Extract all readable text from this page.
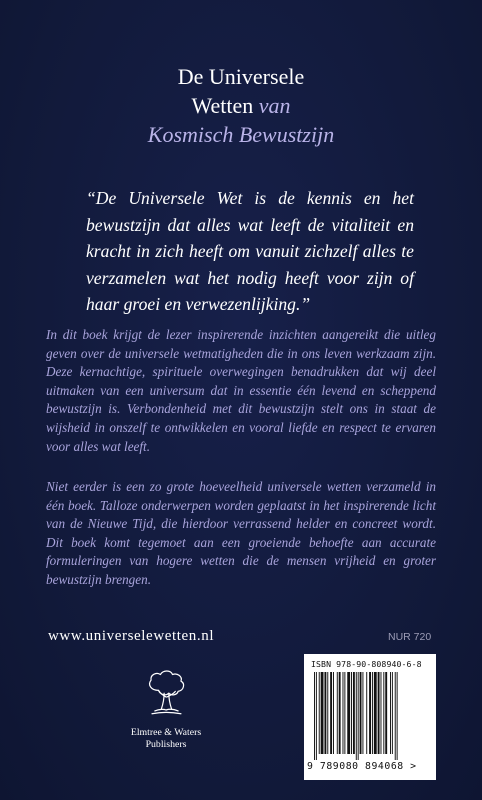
De Universele
Wetten van
Kosmisch Bewustzijn
“De Universele Wet is de kennis en het bewustzijn dat alles wat leeft de vitaliteit en kracht in zich heeft om vanuit zichzelf alles te verzamelen wat het nodig heeft voor zijn of haar groei en verwezenlijking.”

In dit boek krijgt de lezer inspirerende inzichten aangereikt die uitleg geven over de universele wetmatigheden die in ons leven werkzaam zijn. Deze kernachtige, spirituele overwegingen benadrukken dat wij deel uitmaken van een universum dat in essentie één levend en scheppend bewustzijn is. Verbondenheid met dit bewustzijn stelt ons in staat de wijsheid in onszelf te ontwikkelen en vooral liefde en respect te ervaren voor alles wat leeft.

Niet eerder is een zo grote hoeveelheid universele wetten verzameld in één boek. Talloze onderwerpen worden geplaatst in het inspirerende licht van de Nieuwe Tijd, die hierdoor verrassend helder en concreet wordt. Dit boek komt tegemoet aan een groeiende behoefte aan accurate formuleringen van hogere wetten die de mensen vrijheid en groter bewustzijn brengen.

www.universelewetten.nl	NUR 720
Elmtree & Waters
Publishers
ISBN 978-90-808940-6-8
9 789080 894068 >
